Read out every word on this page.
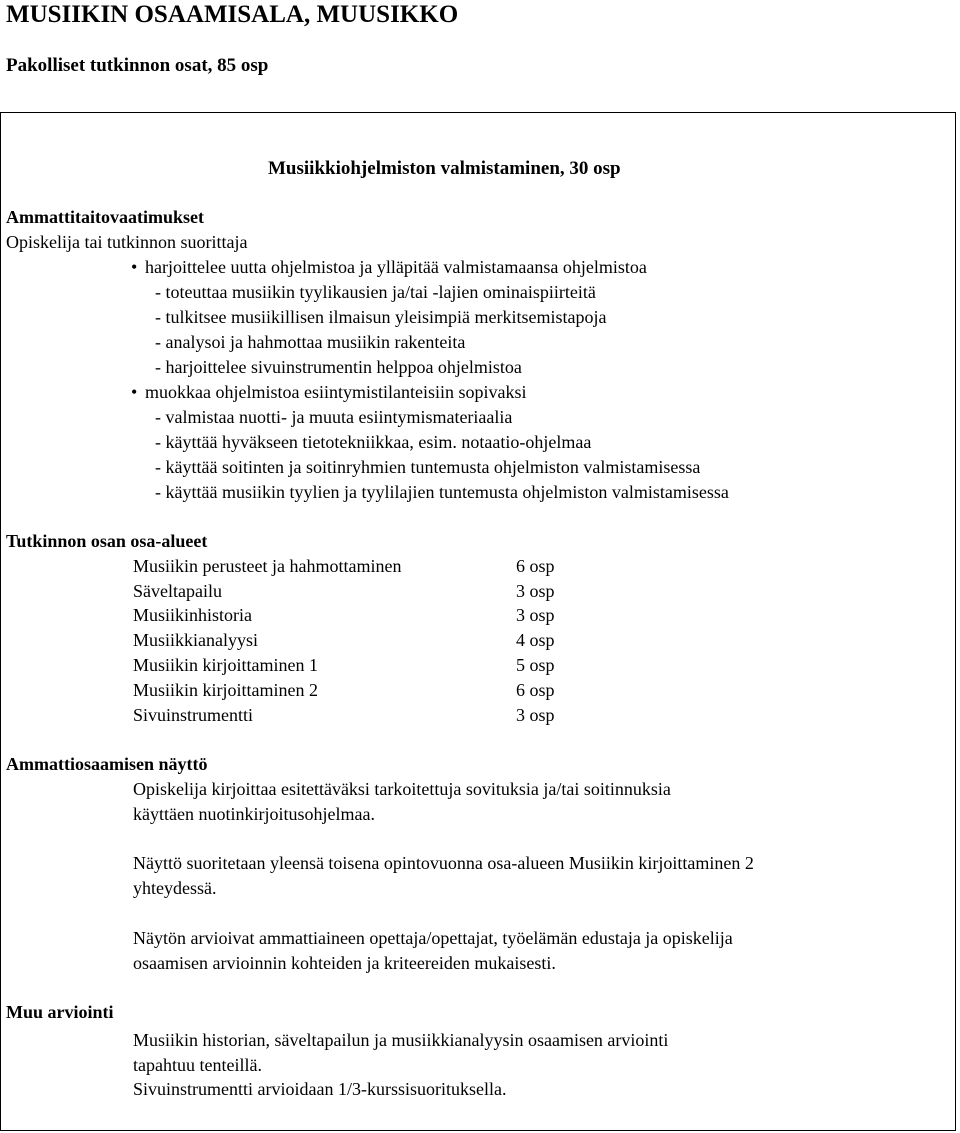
MUSIIKIN OSAAMISALA, MUUSIKKO
Pakolliset tutkinnon osat, 85 osp
Musiikkiohjelmiston valmistaminen, 30 osp
Ammattitaitovaatimukset
Opiskelija tai tutkinnon suorittaja
• harjoittelee uutta ohjelmistoa ja ylläpitää valmistamaansa ohjelmistoa
- toteuttaa musiikin tyylikausien ja/tai -lajien ominaispiirteitä
- tulkitsee musiikillisen ilmaisun yleisimpiä merkitsemistapoja
- analysoi ja hahmottaa musiikin rakenteita
- harjoittelee sivuinstrumentin helppoa ohjelmistoa
• muokkaa ohjelmistoa esiintymistilanteisiin sopivaksi
- valmistaa nuotti- ja muuta esiintymismateriaalia
- käyttää hyväkseen tietotekniikkaa, esim. notaatio-ohjelmaa
- käyttää soitinten ja soitinryhmien tuntemusta ohjelmiston valmistamisessa
- käyttää musiikin tyylien ja tyylilajien tuntemusta ohjelmiston valmistamisessa
Tutkinnon osan osa-alueet
Musiikin perusteet ja hahmottaminen	6 osp
Säveltapailu	3 osp
Musiikinhistoria	3 osp
Musiikkianalyysi	4 osp
Musiikin kirjoittaminen 1	5 osp
Musiikin kirjoittaminen 2	6 osp
Sivuinstrumentti	3 osp
Ammattiosaamisen näyttö
Opiskelija kirjoittaa esitettäväksi tarkoitettuja sovituksia ja/tai soitinnuksia
käyttäen nuotinkirjoitusohjelmaa.
Näyttö suoritetaan yleensä toisena opintovuonna osa-alueen Musiikin kirjoittaminen 2
yhteydessä.
Näytön arvioivat ammattiaineen opettaja/opettajat, työelämän edustaja ja opiskelija
osaamisen arvioinnin kohteiden ja kriteereiden mukaisesti.
Muu arviointi
Musiikin historian, säveltapailun ja musiikkianalyysin osaamisen arviointi
tapahtuu tenteillä.
Sivuinstrumentti arvioidaan 1/3-kurssisuorituksella.
